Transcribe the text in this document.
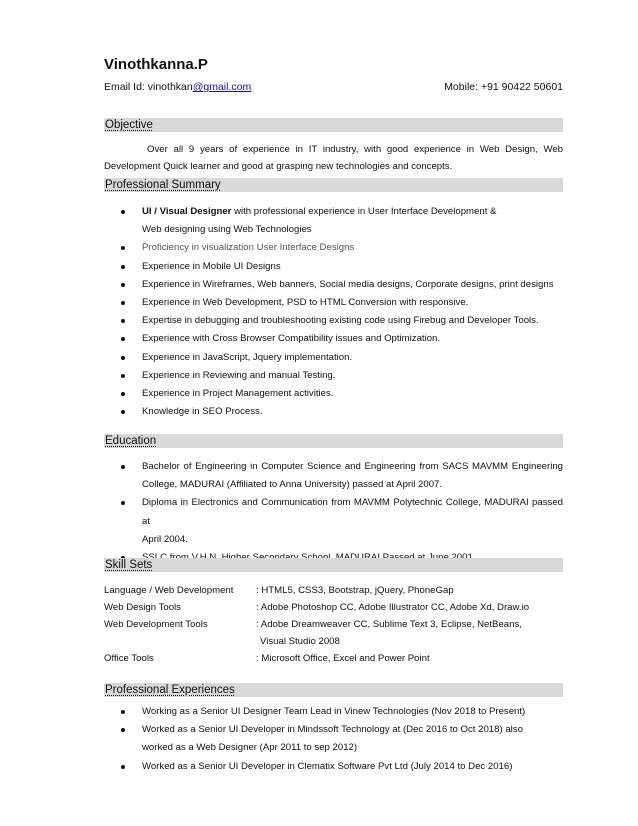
Vinothkanna.P
Email Id: vinothkan@gmail.com	Mobile: +91 90422 50601
Objective
Over all 9 years of experience in IT industry, with good experience in Web Design, Web
Development Quick learner and good at grasping new technologies and concepts.
Professional Summary
UI / Visual Designer with professional experience in User Interface Development &
Web designing using Web Technologies
Proficiency in visualization User Interface Designs
Experience in Mobile UI Designs
Experience in Wireframes, Web banners, Social media designs, Corporate designs, print designs
Experience in Web Development, PSD to HTML Conversion with responsive.
Expertise in debugging and troubleshooting existing code using Firebug and Developer Tools.
Experience with Cross Browser Compatibility issues and Optimization.
Experience in JavaScript, Jquery implementation.
Experience in Reviewing and manual Testing.
Experience in Project Management activities.
Knowledge in SEO Process.
Education
Bachelor of Engineering in Computer Science and Engineering from SACS MAVMM Engineering
College, MADURAI (Affiliated to Anna University) passed at April 2007.
Diploma in Electronics and Communication from MAVMM Polytechnic College, MADURAI passed at
April 2004.
Skill Sets
Language / Web Development : HTML5, CSS3, Bootstrap, jQuery, PhoneGap
Web Design Tools	: Adobe Photoshop CC, Adobe Illustrator CC, Adobe Xd, Draw.io
Web Development Tools	: Adobe Dreamweaver CC, Sublime Text 3, Eclipse, NetBeans,
Visual Studio 2008
Office Tools	: Microsoft Office, Excel and Power Point
Professional Experiences
Working as a Senior UI Designer Team Lead in Vinew Technologies (Nov 2018 to Present)
Worked as a Senior UI Developer in Mindssoft Technology at (Dec 2016 to Oct 2018) also
worked as a Web Designer (Apr 2011 to sep 2012)
Worked as a Senior UI Developer in Clematix Software Pvt Ltd (July 2014 to Dec 2016)
